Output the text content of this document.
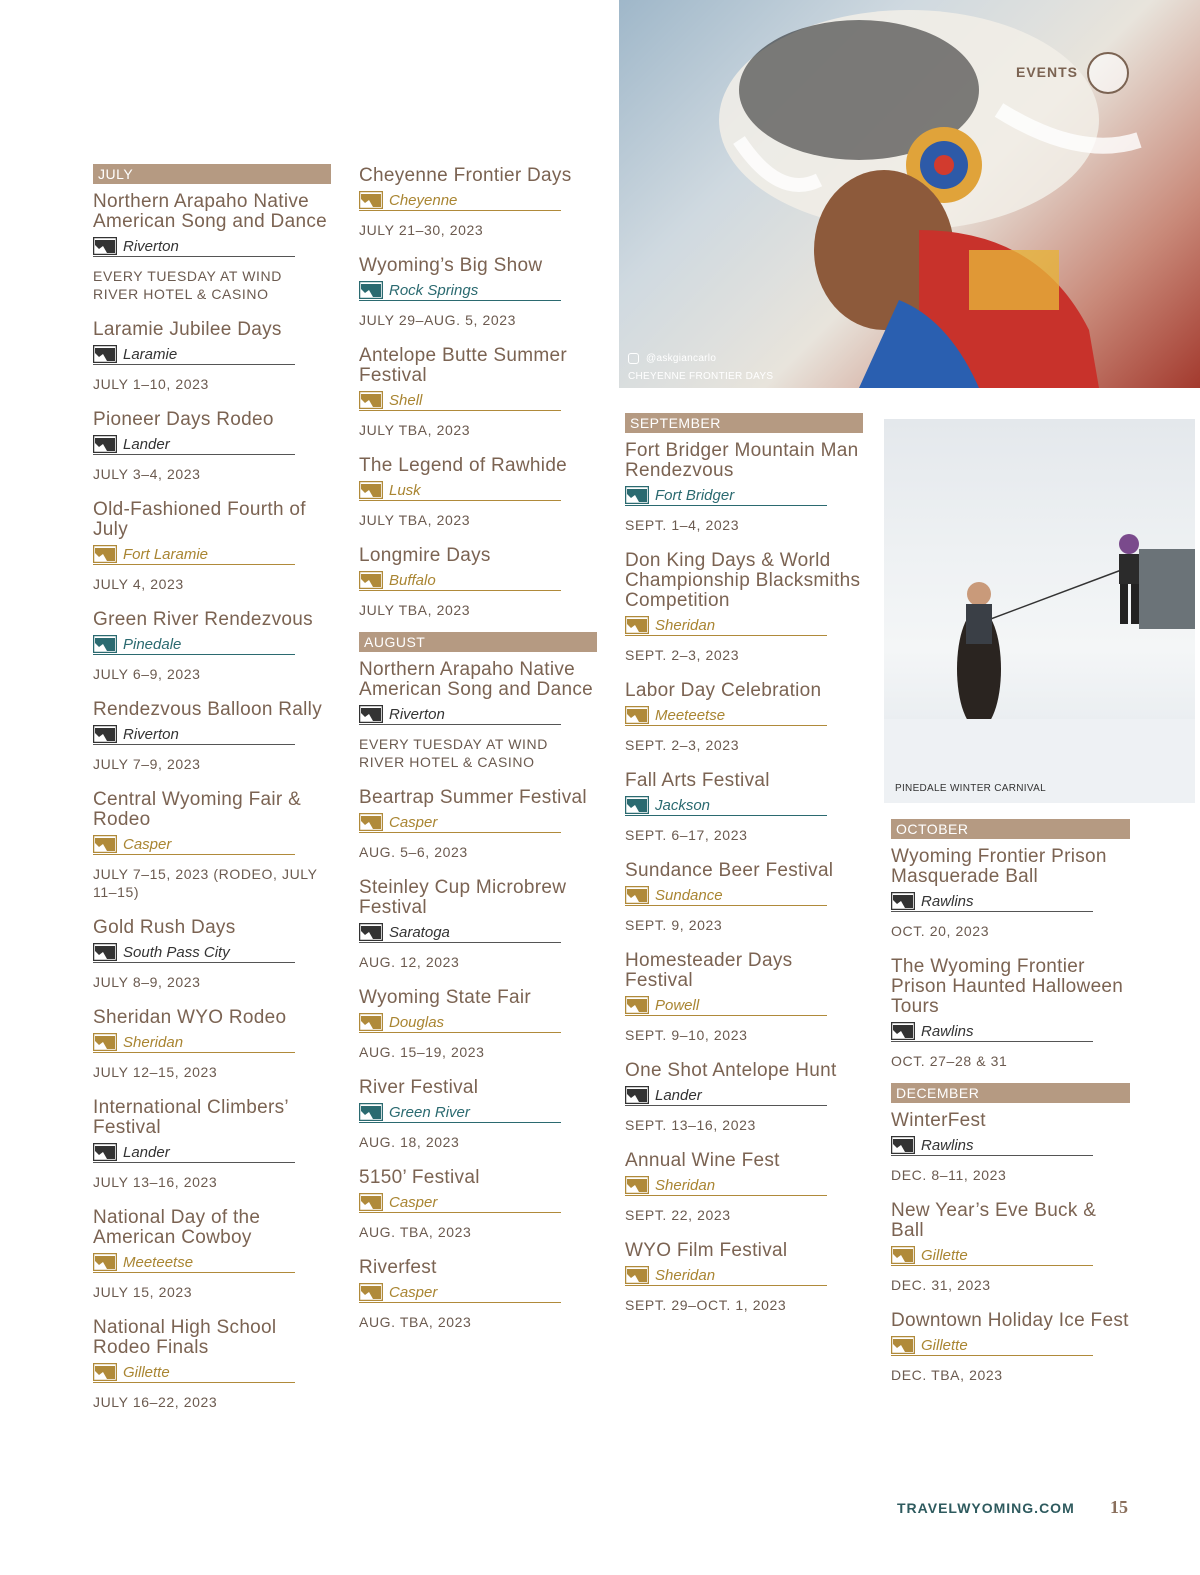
EVENTS
@askgiancarlo
CHEYENNE FRONTIER DAYS
PINEDALE WINTER CARNIVAL
JULY
Northern Arapaho Native American Song and Dance
Riverton
EVERY TUESDAY AT WIND RIVER HOTEL & CASINO
Laramie Jubilee Days
Laramie
JULY 1–10, 2023
Pioneer Days Rodeo
Lander
JULY 3–4, 2023
Old-Fashioned Fourth of July
Fort Laramie
JULY 4, 2023
Green River Rendezvous
Pinedale
JULY 6–9, 2023
Rendezvous Balloon Rally
Riverton
JULY 7–9, 2023
Central Wyoming Fair & Rodeo
Casper
JULY 7–15, 2023 (RODEO, JULY 11–15)
Gold Rush Days
South Pass City
JULY 8–9, 2023
Sheridan WYO Rodeo
Sheridan
JULY 12–15, 2023
International Climbers’ Festival
Lander
JULY 13–16, 2023
National Day of the American Cowboy
Meeteetse
JULY 15, 2023
National High School Rodeo Finals
Gillette
JULY 16–22, 2023
Cheyenne Frontier Days
Cheyenne
JULY 21–30, 2023
Wyoming’s Big Show
Rock Springs
JULY 29–AUG. 5, 2023
Antelope Butte Summer Festival
Shell
JULY TBA, 2023
The Legend of Rawhide
Lusk
JULY TBA, 2023
Longmire Days
Buffalo
JULY TBA, 2023
AUGUST
Northern Arapaho Native American Song and Dance
Riverton
EVERY TUESDAY AT WIND RIVER HOTEL & CASINO
Beartrap Summer Festival
Casper
AUG. 5–6, 2023
Steinley Cup Microbrew Festival
Saratoga
AUG. 12, 2023
Wyoming State Fair
Douglas
AUG. 15–19, 2023
River Festival
Green River
AUG. 18, 2023
5150’ Festival
Casper
AUG. TBA, 2023
Riverfest
Casper
AUG. TBA, 2023
SEPTEMBER
Fort Bridger Mountain Man Rendezvous
Fort Bridger
SEPT. 1–4, 2023
Don King Days & World Championship Blacksmiths Competition
Sheridan
SEPT. 2–3, 2023
Labor Day Celebration
Meeteetse
SEPT. 2–3, 2023
Fall Arts Festival
Jackson
SEPT. 6–17, 2023
Sundance Beer Festival
Sundance
SEPT. 9, 2023
Homesteader Days Festival
Powell
SEPT. 9–10, 2023
One Shot Antelope Hunt
Lander
SEPT. 13–16, 2023
Annual Wine Fest
Sheridan
SEPT. 22, 2023
WYO Film Festival
Sheridan
SEPT. 29–OCT. 1, 2023
OCTOBER
Wyoming Frontier Prison Masquerade Ball
Rawlins
OCT. 20, 2023
The Wyoming Frontier Prison Haunted Halloween Tours
Rawlins
OCT. 27–28 & 31
DECEMBER
WinterFest
Rawlins
DEC. 8–11, 2023
New Year’s Eve Buck & Ball
Gillette
DEC. 31, 2023
Downtown Holiday Ice Fest
Gillette
DEC. TBA, 2023
TRAVELWYOMING.COM 15
